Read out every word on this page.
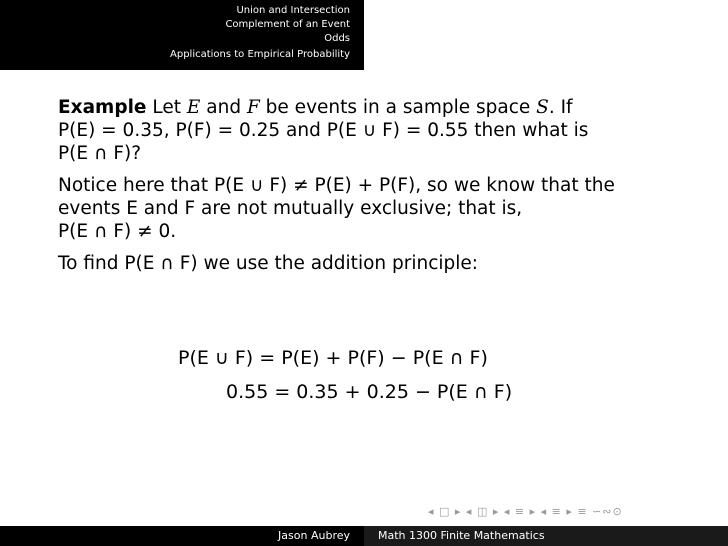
Union and Intersection
Complement of an Event
Odds
Applications to Empirical Probability

Example Let E and F be events in a sample space S. If
P(E) = 0.35, P(F) = 0.25 and P(E ∪ F) = 0.55 then what is
P(E ∩ F)?

Notice here that P(E ∪ F) ≠ P(E) + P(F), so we know that the
events E and F are not mutually exclusive; that is,
P(E ∩ F) ≠ 0.

To find P(E ∩ F) we use the addition principle:

P(E ∪ F) = P(E) + P(F) − P(E ∩ F)
0.55 = 0.35 + 0.25 − P(E ∩ F)
◂ □ ▸ ◂ ◫ ▸ ◂ ≡ ▸ ◂ ≡ ▸ ≡ ∽∾⊙
Jason Aubrey	Math 1300 Finite Mathematics
